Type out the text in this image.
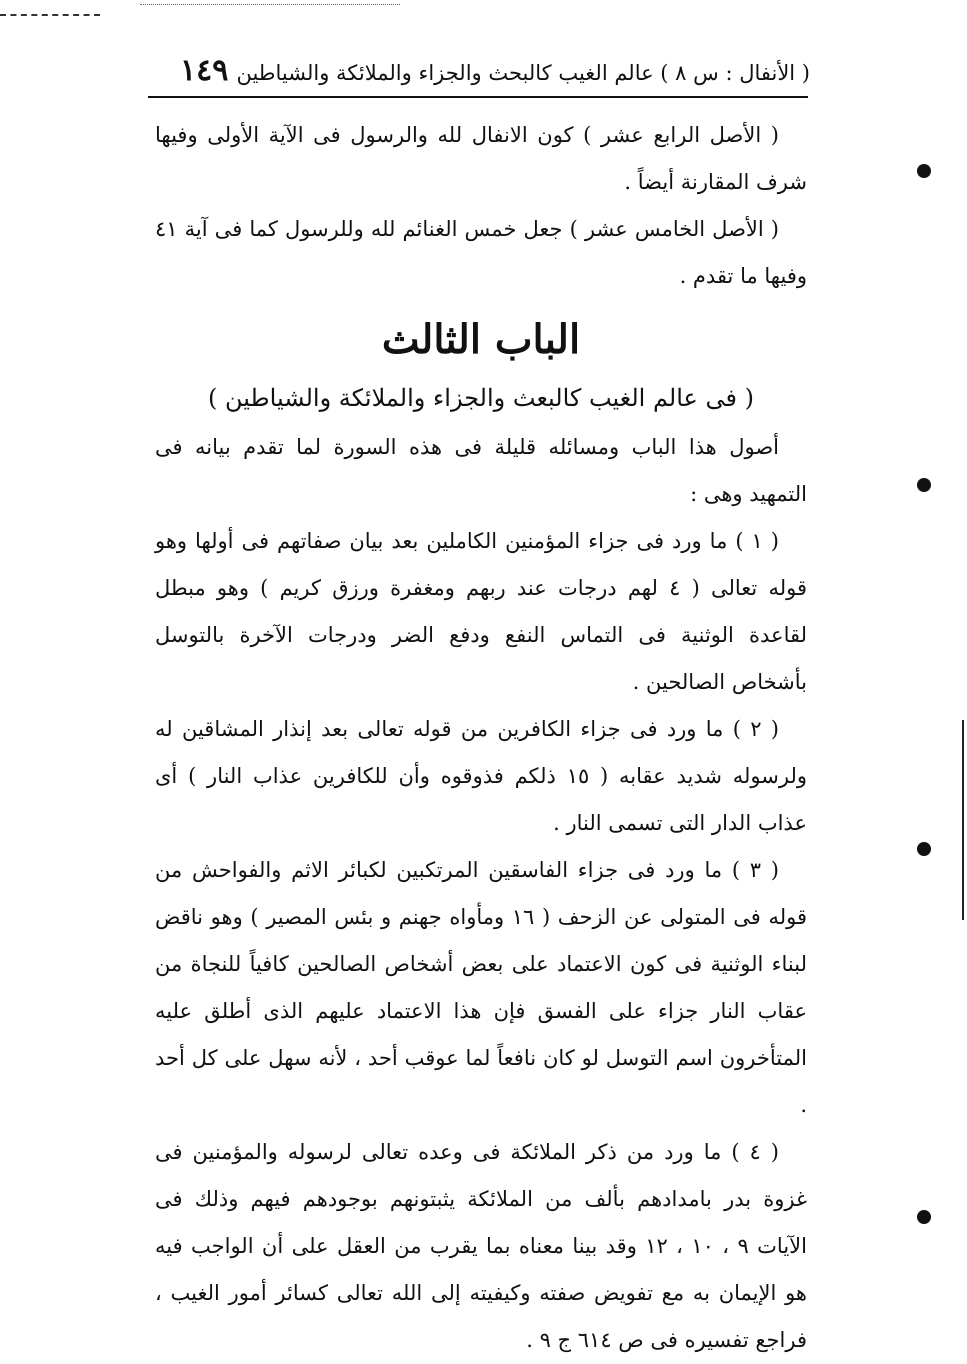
( الأنفال : س ٨ ) عالم الغيب كالبحث والجزاء والملائكة والشياطين
١٤٩

( الأصل الرابع عشر ) كون الانفال لله والرسول فى الآية الأولى وفيها شرف المقارنة أيضاً .

( الأصل الخامس عشر ) جعل خمس الغنائم لله وللرسول كما فى آية ٤١ وفيها ما تقدم .

الباب الثالث
( فى عالم الغيب كالبعث والجزاء والملائكة والشياطين )

أصول هذا الباب ومسائله قليلة فى هذه السورة لما تقدم بيانه فى التمهيد وهى :

( ١ ) ما ورد فى جزاء المؤمنين الكاملين بعد بيان صفاتهم فى أولها وهو قوله تعالى ( ٤ لهم درجات عند ربهم ومغفرة ورزق كريم ) وهو مبطل لقاعدة الوثنية فى التماس النفع ودفع الضر ودرجات الآخرة بالتوسل بأشخاص الصالحين .

( ٢ ) ما ورد فى جزاء الكافرين من قوله تعالى بعد إنذار المشاقين له ولرسوله شديد عقابه ( ١٥ ذلكم فذوقوه وأن للكافرين عذاب النار ) أى عذاب الدار التى تسمى النار .

( ٣ ) ما ورد فى جزاء الفاسقين المرتكبين لكبائر الاثم والفواحش من قوله فى المتولى عن الزحف ( ١٦ ومأواه جهنم و بئس المصير ) وهو ناقض لبناء الوثنية فى كون الاعتماد على بعض أشخاص الصالحين كافياً للنجاة من عقاب النار جزاء على الفسق فإن هذا الاعتماد عليهم الذى أطلق عليه المتأخرون اسم التوسل لو كان نافعاً لما عوقب أحد ، لأنه سهل على كل أحد .

( ٤ ) ما ورد من ذكر الملائكة فى وعده تعالى لرسوله والمؤمنين فى غزوة بدر بامدادهم بألف من الملائكة يثبتونهم بوجودهم فيهم وذلك فى الآيات ٩ ، ١٠ ، ١٢ وقد بينا معناه بما يقرب من العقل على أن الواجب فيه هو الإيمان به مع تفويض صفته وكيفيته إلى الله تعالى كسائر أمور الغيب ، فراجع تفسيره فى ص ٦١٤ ج ٩ .
